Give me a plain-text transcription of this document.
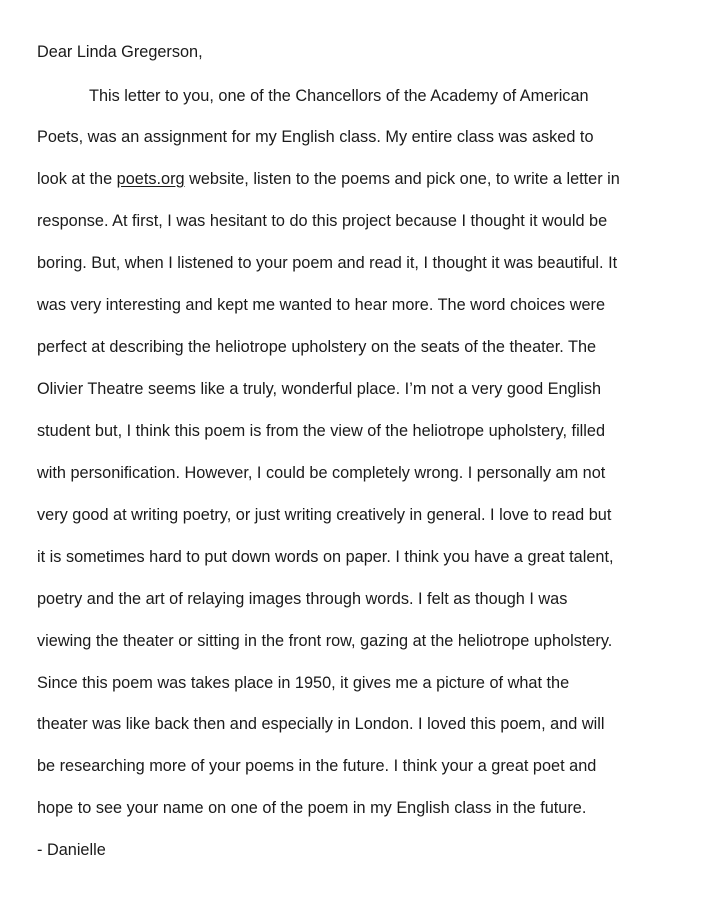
Dear Linda Gregerson,
This letter to you, one of the Chancellors of the Academy of American
Poets, was an assignment for my English class. My entire class was asked to
look at the poets.org website, listen to the poems and pick one, to write a letter in
response. At first, I was hesitant to do this project because I thought it would be
boring. But, when I listened to your poem and read it, I thought it was beautiful. It
was very interesting and kept me wanted to hear more. The word choices were
perfect at describing the heliotrope upholstery on the seats of the theater. The
Olivier Theatre seems like a truly, wonderful place. I’m not a very good English
student but, I think this poem is from the view of the heliotrope upholstery, filled
with personification. However, I could be completely wrong. I personally am not
very good at writing poetry, or just writing creatively in general. I love to read but
it is sometimes hard to put down words on paper. I think you have a great talent,
poetry and the art of relaying images through words. I felt as though I was
viewing the theater or sitting in the front row, gazing at the heliotrope upholstery.
Since this poem was takes place in 1950, it gives me a picture of what the
theater was like back then and especially in London. I loved this poem, and will
be researching more of your poems in the future. I think your a great poet and
hope to see your name on one of the poem in my English class in the future.
- Danielle
